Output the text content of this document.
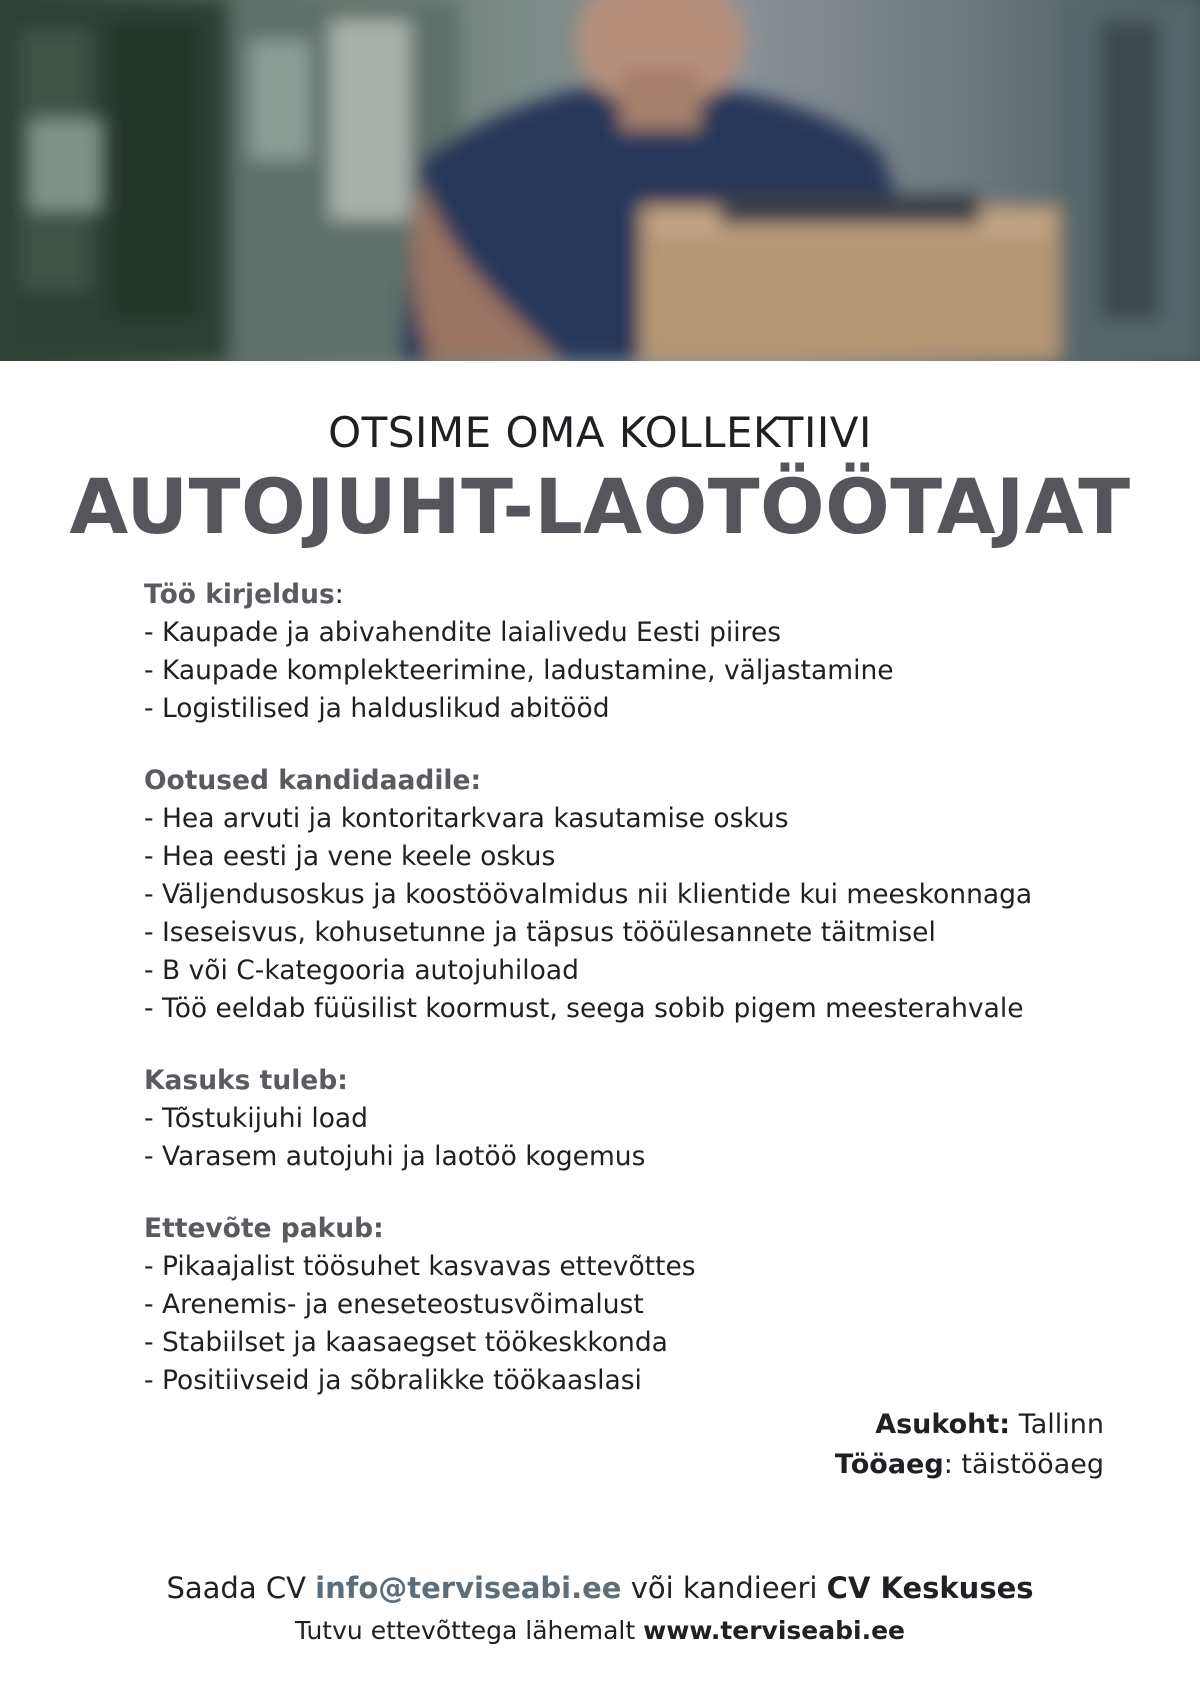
OTSIME OMA KOLLEKTIIVI
AUTOJUHT-LAOTÖÖTAJAT
Töö kirjeldus:
- Kaupade ja abivahendite laialivedu Eesti piires
- Kaupade komplekteerimine, ladustamine, väljastamine
- Logistilised ja halduslikud abitööd
Ootused kandidaadile:
- Hea arvuti ja kontoritarkvara kasutamise oskus
- Hea eesti ja vene keele oskus
- Väljendusoskus ja koostöövalmidus nii klientide kui meeskonnaga
- Iseseisvus, kohusetunne ja täpsus tööülesannete täitmisel
- B või C-kategooria autojuhiload
- Töö eeldab füüsilist koormust, seega sobib pigem meesterahvale
Kasuks tuleb:
- Tõstukijuhi load
- Varasem autojuhi ja laotöö kogemus
Ettevõte pakub:
- Pikaajalist töösuhet kasvavas ettevõttes
- Arenemis- ja eneseteostusvõimalust
- Stabiilset ja kaasaegset töökeskkonda
- Positiivseid ja sõbralikke töökaaslasi
Asukoht: Tallinn
Tööaeg: täistööaeg
Saada CV info@terviseabi.ee või kandieeri CV Keskuses
Tutvu ettevõttega lähemalt www.terviseabi.ee
